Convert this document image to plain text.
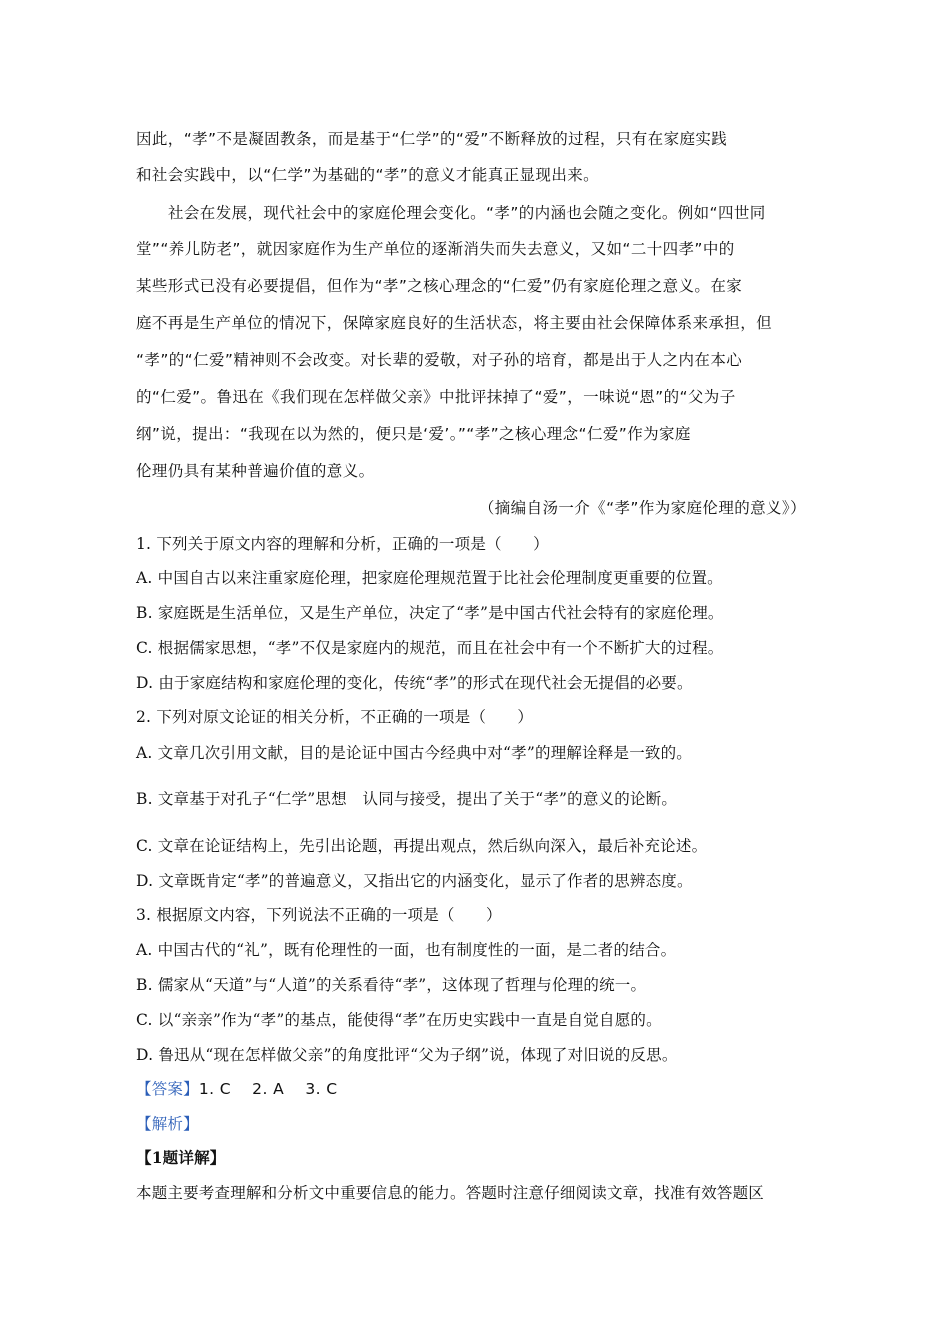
因此，“孝”不是凝固教条，而是基于“仁学”的“爱”不断释放的过程，只有在家庭实践
和社会实践中，以“仁学”为基础的“孝”的意义才能真正显现出来。
社会在发展，现代社会中的家庭伦理会变化。“孝”的内涵也会随之变化。例如“四世同
堂”“养儿防老”，就因家庭作为生产单位的逐渐消失而失去意义，又如“二十四孝”中的
某些形式已没有必要提倡，但作为“孝”之核心理念的“仁爱”仍有家庭伦理之意义。在家
庭不再是生产单位的情况下，保障家庭良好的生活状态，将主要由社会保障体系来承担，但
“孝”的“仁爱”精神则不会改变。对长辈的爱敬，对子孙的培育，都是出于人之内在本心
的“仁爱”。鲁迅在《我们现在怎样做父亲》中批评抹掉了“爱”，一味说“恩”的“父为子
纲”说，提出：“我现在以为然的，便只是‘爱’。”“孝”之核心理念“仁爱”作为家庭
伦理仍具有某种普遍价值的意义。
（摘编自汤一介《“孝”作为家庭伦理的意义》）
1. 下列关于原文内容的理解和分析，正确的一项是（　　）
A. 中国自古以来注重家庭伦理，把家庭伦理规范置于比社会伦理制度更重要的位置。
B. 家庭既是生活单位，又是生产单位，决定了“孝”是中国古代社会特有的家庭伦理。
C. 根据儒家思想，“孝”不仅是家庭内的规范，而且在社会中有一个不断扩大的过程。
D. 由于家庭结构和家庭伦理的变化，传统“孝”的形式在现代社会无提倡的必要。
2. 下列对原文论证的相关分析，不正确的一项是（　　）
A. 文章几次引用文献，目的是论证中国古今经典中对“孝”的理解诠释是一致的。
B. 文章基于对孔子“仁学”思想　认同与接受，提出了关于“孝”的意义的论断。
C. 文章在论证结构上，先引出论题，再提出观点，然后纵向深入，最后补充论述。
D. 文章既肯定“孝”的普遍意义，又指出它的内涵变化，显示了作者的思辨态度。
3. 根据原文内容，下列说法不正确的一项是（　　）
A. 中国古代的“礼”，既有伦理性的一面，也有制度性的一面，是二者的结合。
B. 儒家从“天道”与“人道”的关系看待“孝”，这体现了哲理与伦理的统一。
C. 以“亲亲”作为“孝”的基点，能使得“孝”在历史实践中一直是自觉自愿的。
D. 鲁迅从“现在怎样做父亲”的角度批评“父为子纲”说，体现了对旧说的反思。
【答案】1. C　 2. A　 3. C
【解析】
【1题详解】
本题主要考查理解和分析文中重要信息的能力。答题时注意仔细阅读文章，找准有效答题区
